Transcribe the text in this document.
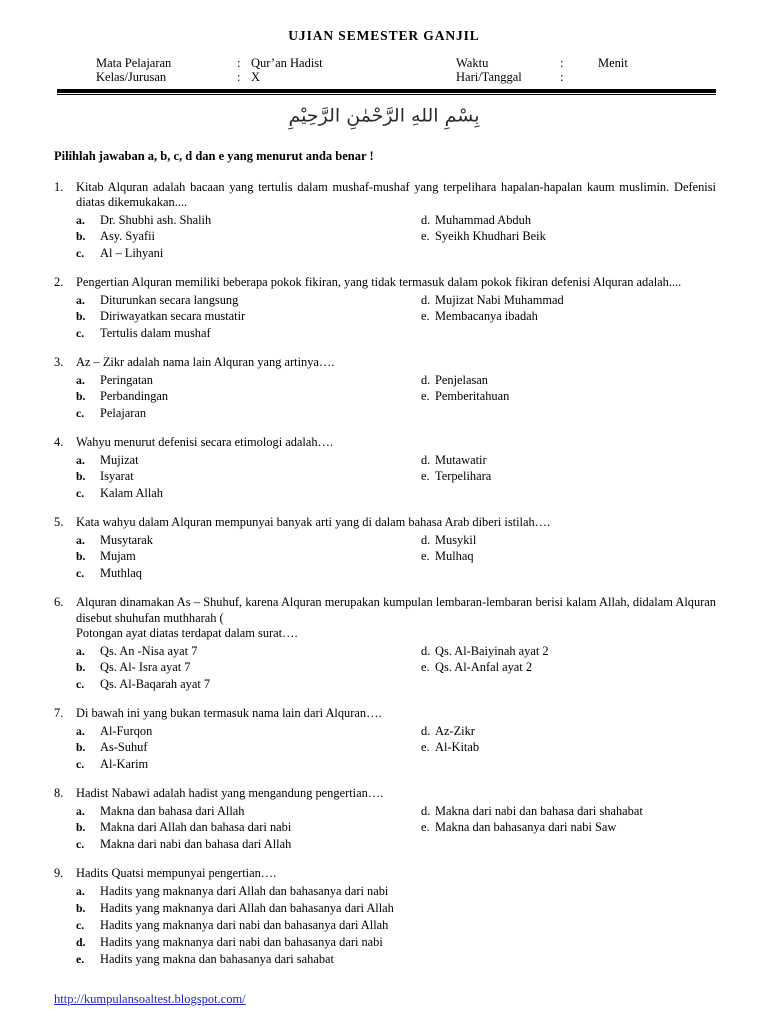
UJIAN SEMESTER GANJIL
Mata Pelajaran	: Qur’an Hadist
Kelas/Jurusan	: X
Waktu	:	Menit
Hari/Tanggal	:
بِسْمِ اللهِ الرَّحْمٰنِ الرَّحِيْمِ
Pilihlah jawaban a, b, c, d dan e yang menurut anda benar !
1.	Kitab Alquran adalah bacaan yang tertulis dalam mushaf-mushaf yang terpelihara hapalan-hapalan kaum muslimin. Defenisi diatas dikemukakan....
a.	Dr. Shubhi ash. Shalih	d. Muhammad Abduh
b.	Asy. Syafii	e. Syeikh Khudhari Beik
c.	Al – Lihyani
2.	Pengertian Alquran memiliki beberapa pokok fikiran, yang tidak termasuk dalam pokok fikiran defenisi Alquran adalah....
a.	Diturunkan secara langsung	d. Mujizat Nabi Muhammad
b.	Diriwayatkan secara mustatir	e. Membacanya ibadah
c.	Tertulis dalam mushaf
3.	Az – Zikr adalah nama lain Alquran yang artinya….
a.	Peringatan	d. Penjelasan
b.	Perbandingan	e. Pemberitahuan
c.	Pelajaran
4.	Wahyu menurut defenisi secara etimologi adalah….
a.	Mujizat	d. Mutawatir
b.	Isyarat	e. Terpelihara
c.	Kalam Allah
5.	Kata wahyu dalam Alquran mempunyai banyak arti yang di dalam bahasa Arab diberi istilah….
a.	Musytarak	d. Musykil
b.	Mujam	e. Mulhaq
c.	Muthlaq
6.	Alquran dinamakan As – Shuhuf, karena Alquran merupakan kumpulan lembaran-lembaran berisi kalam Allah, didalam Alquran disebut shuhufan muthharah (
Potongan ayat diatas terdapat dalam surat….
a.	Qs. An -Nisa ayat 7	d. Qs. Al-Baiyinah ayat 2
b.	Qs. Al- Isra ayat 7	e. Qs. Al-Anfal ayat 2
c.	Qs. Al-Baqarah ayat 7
7.	Di bawah ini yang bukan termasuk nama lain dari Alquran….
a.	Al-Furqon	d. Az-Zikr
b.	As-Suhuf	e. Al-Kitab
c.	Al-Karim
8.	Hadist Nabawi adalah hadist yang mengandung pengertian….
a.	Makna dan bahasa dari Allah	d. Makna dari nabi dan bahasa dari shahabat
b.	Makna dari Allah dan bahasa dari nabi	e. Makna dan bahasanya dari nabi Saw
c.	Makna dari nabi dan bahasa dari Allah
9.	Hadits Quatsi mempunyai pengertian….
a.	Hadits yang maknanya dari Allah dan bahasanya dari nabi
b.	Hadits yang maknanya dari Allah dan bahasanya dari Allah
c.	Hadits yang maknanya dari nabi dan bahasanya dari Allah
d.	Hadits yang maknanya dari nabi dan bahasanya dari nabi
e.	Hadits yang makna dan bahasanya dari sahabat
http://kumpulansoaltest.blogspot.com/
